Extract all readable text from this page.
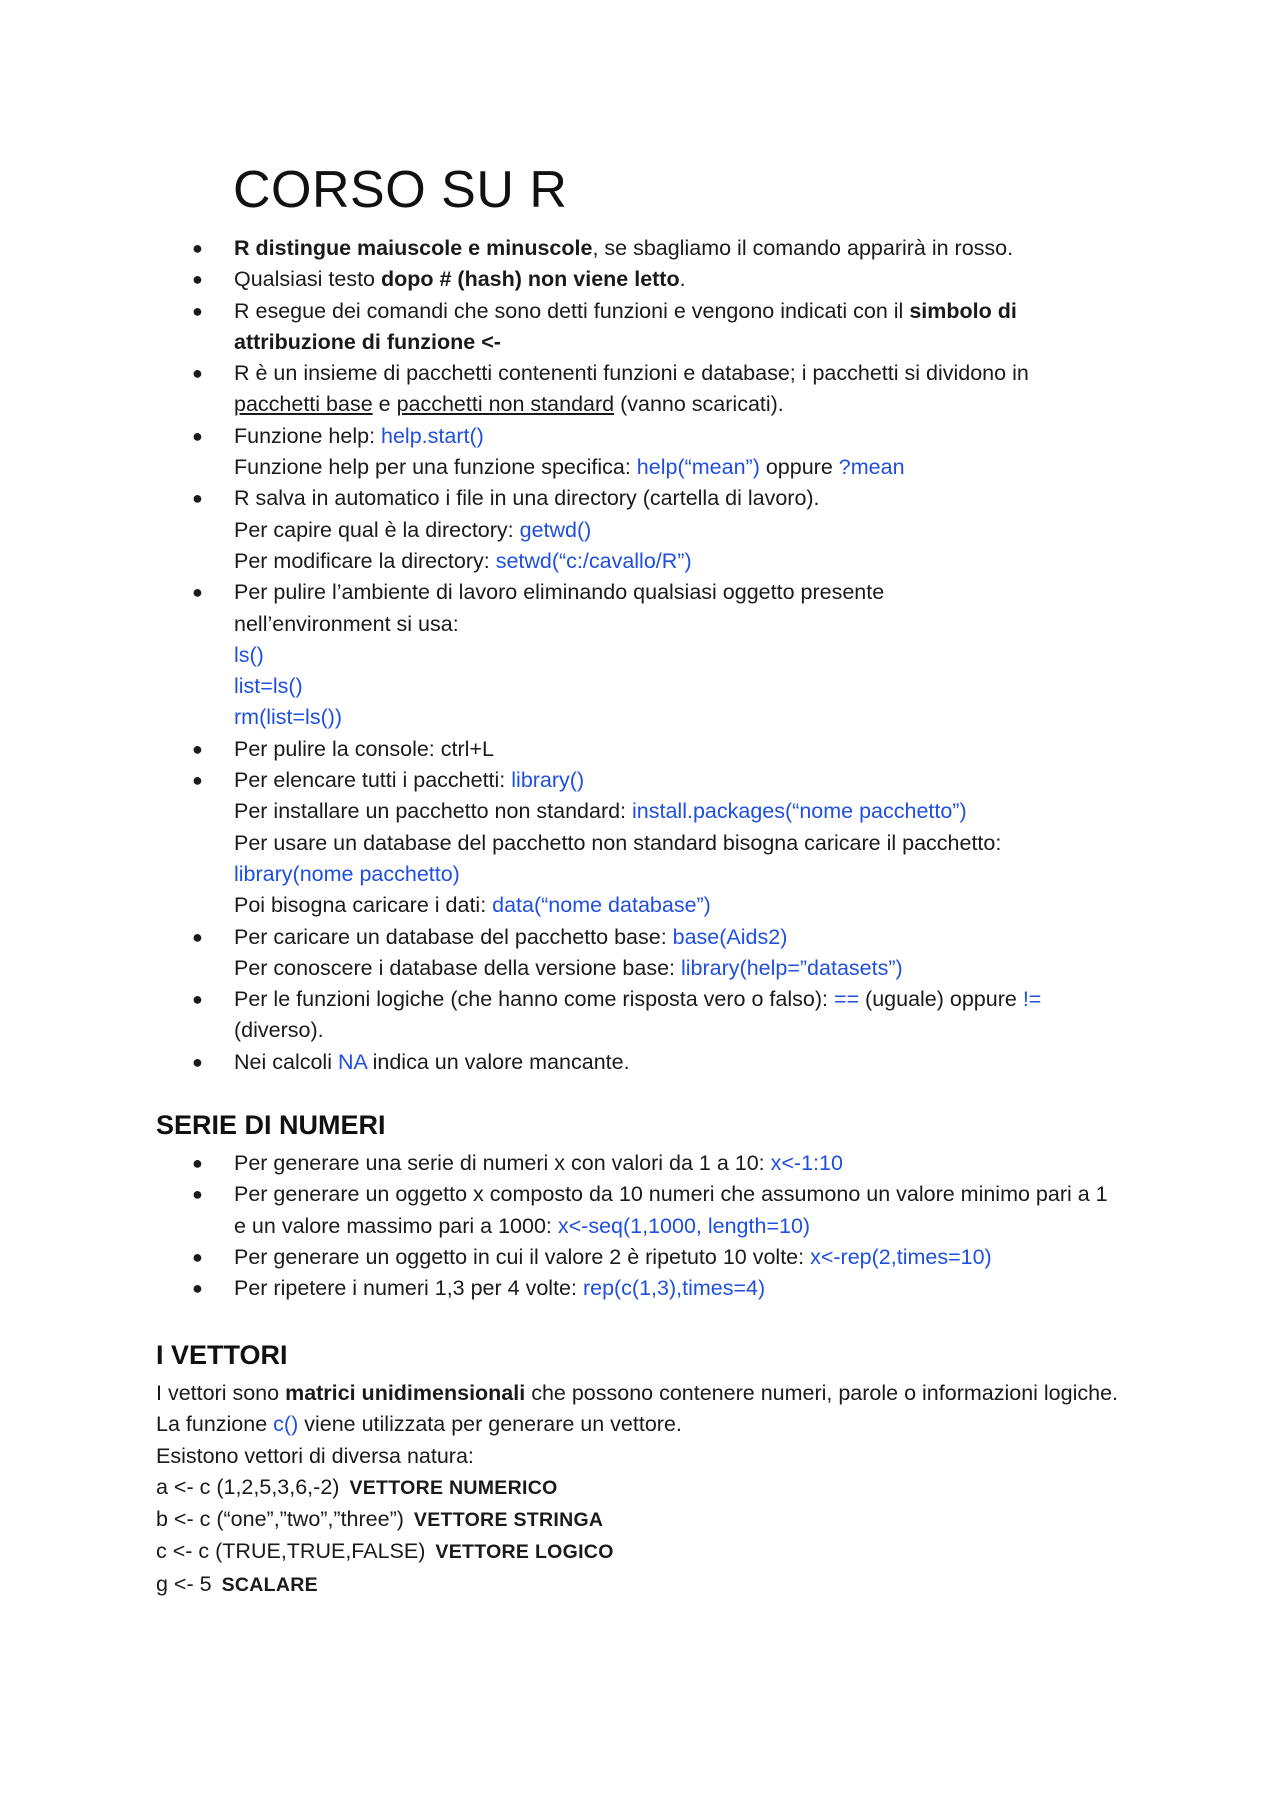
CORSO SU R
● R distingue maiuscole e minuscole, se sbagliamo il comando apparirà in rosso.
● Qualsiasi testo dopo # (hash) non viene letto.
● R esegue dei comandi che sono detti funzioni e vengono indicati con il simbolo di attribuzione di funzione <-
● R è un insieme di pacchetti contenenti funzioni e database; i pacchetti si dividono in pacchetti base e pacchetti non standard (vanno scaricati).
● Funzione help: help.start()
Funzione help per una funzione specifica: help(“mean”) oppure ?mean
● R salva in automatico i file in una directory (cartella di lavoro).
Per capire qual è la directory: getwd()
Per modificare la directory: setwd(“c:/cavallo/R”)
● Per pulire l’ambiente di lavoro eliminando qualsiasi oggetto presente nell’environment si usa:
ls()
list=ls()
rm(list=ls())
● Per pulire la console: ctrl+L
● Per elencare tutti i pacchetti: library()
Per installare un pacchetto non standard: install.packages(“nome pacchetto”)
Per usare un database del pacchetto non standard bisogna caricare il pacchetto: library(nome pacchetto)
Poi bisogna caricare i dati: data(“nome database”)
● Per caricare un database del pacchetto base: base(Aids2)
Per conoscere i database della versione base: library(help=”datasets”)
● Per le funzioni logiche (che hanno come risposta vero o falso): == (uguale) oppure != (diverso).
● Nei calcoli NA indica un valore mancante.
SERIE DI NUMERI
● Per generare una serie di numeri x con valori da 1 a 10: x<-1:10
● Per generare un oggetto x composto da 10 numeri che assumono un valore minimo pari a 1 e un valore massimo pari a 1000: x<-seq(1,1000, length=10)
● Per generare un oggetto in cui il valore 2 è ripetuto 10 volte: x<-rep(2,times=10)
● Per ripetere i numeri 1,3 per 4 volte: rep(c(1,3),times=4)
I VETTORI
I vettori sono matrici unidimensionali che possono contenere numeri, parole o informazioni logiche. La funzione c() viene utilizzata per generare un vettore.
Esistono vettori di diversa natura:
a <- c (1,2,5,3,6,-2) VETTORE NUMERICO
b <- c (“one”,”two”,”three”) VETTORE STRINGA
c <- c (TRUE,TRUE,FALSE) VETTORE LOGICO
g <- 5 SCALARE
